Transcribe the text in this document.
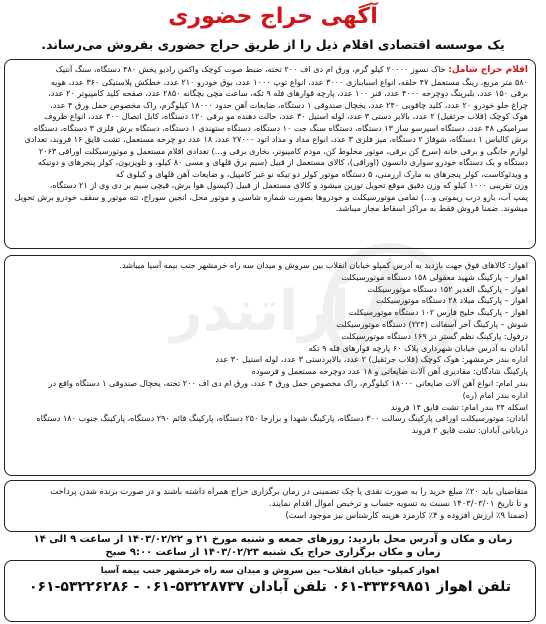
آراتندر
آگهی حراج حضوری
یک موسسه اقتصادی اقلام ذیل را از طریق حراج حضوری بفروش می‌رساند.
اقلام حراج شامل: خاک نسوز ۲۰۰۰۰ کیلو گرم، ورق ام دی اف ۲۰۰ تخته، ضبط صوت کوچک واکمن رادیو پخش ۴۸۰ دستگاه، سنگ آنتیک
۵۸۰ متر مربع، رینگ مستعمل ۴۷ حلقه، انواع اسباببازی ۳۰۰۰ عدد، انواع توپ ۱۰۰۰ عدد، بوق خودرو ۲۱۰ عدد، خطکش پلاستیکی ۳۶۰ عدد، هویه
برقی ۱۵۰ عدد، بلبرینگ دوچرخه ۴۰۰۰ عدد، قنر ۱۰۰ عدد، پارچه قوارهای فله ۹ تکه، ساعت مچی بچگانه ۲۸۵۰ عدد، صفحه کلید کامپیوتر ۲۰ عدد،
چراغ جلو خودرو ۲۰ عدد، کلید چاقویی ۲۴۰ عدد، یخچال صندوقی ۱ دستگاه، ضایعات آهن حدود ۱۸۰۰۰ کیلوگرم، راک مخصوص حمل ورق ۴ عدد،
هوک کوچک (قلاب جرثقیل) ۲ عدد، بالابر دستی ۳ عدد، لوله استیل ۳۰ عدد، حالت دهنده مو برقی ۱۲۰ دستگاه، کابل اتصال ۴۰۰ عدد، انواع ظروف
سرامیکی ۴۸ عدد، دستگاه اسپرسو ساز ۱۳ دستگاه، دستگاه سنگ جت ۱۰ دستگاه، دستگاه ستهندی ۱ دستگاه، دستگاه برش فلزی ۳ دستگاه، دستگاه
برش کالباس ۱ دستگاه، شوفاژ ۲ دستگاه، میز فلزی ۳ عدد، انواع مداد و مداد اتود ۲۷۰۰۰ عدد، ۱۸ عدد دو چرخه مستعمل، تشت قایق ۱۶ فروند، تعدادی
لوازم خانگی و برقی خانه (سرخ کن برقی، موتور مخلوط کن، مودم کامپیوتر، بخاری برقی و…) تعدادی اقلام مستعمل و موتورسیکلت اوراقی ۲۰۶۳
دستگاه و یک دستگاه خودرو سواری دانسون (اوراقی)، کالای مستعمل از قبیل (سیم برق قلهای و مسی ۸۰ کیلو، و تلویزیون، کولر پنجرهای و دوتیکه
و ویدئوکاست، کولر پنجرهای به مارک ارزمنی، ۵ دستگاه موتور کولر دو تیکه نو غیر کامپیل، و ضایعات آهن قلهای و کیلوی که
وزن تقریبی ۱۰۰۰ کیلو که وزن دقیق موقع تحویل توزین میشود و کالای مستعمل از قبیل (کپسول هوا برش، قیچی سیم بر دی وی از ۲۱ دستگاه،
پمپ آب، بازو درب ریموتی و…) تمامی موتورسیکلت و خودروها بصورت شماره شاسی و موتور محل، انجین سوراج، تته موتور و سقف خودرو برش تحویل
میشوند. ضمنا فروش فقط به مراکز اسقاط مجاز میباشد.
اهواز: کالاهای فوق جهت بازدید به آدرس کمپلو خیابان انقلاب بین سروش و میدان سه راه خرمشهر جنب بیمه آسیا میباشد.
اهواز – پارکینگ شهید معقولی ۱۵۸ دستگاه موتورسیکلت
اهواز – پارکینگ الغدیر ۱۵۲ دستگاه موتورسیکلت
اهواز – پارکینگ میلاد ۲۸ دستگاه موتورسیکلت
اهواز – پارکینگ خلیج فارس ۱۰۲ دستگاه موتورسیکلت
شوش – پارکینگ آخر آسفالت (۲۲۴) دستگاه موتورسیکلت
دزفول: پارکینگ نظم گستر دز ۱۶۹ دستگاه موتورسیکلت
آبادان به آدرس خیابان شهرداری پلاک ۶۰ پارچه قوارهای فله ۹ تکه
اداره بندر خرمشهر: هوک کوچک (قلاب جرثقیل) ۲ عدد، بالابردستی ۳ عدد، لوله استیل ۳۰ عدد
پارکینگ شادگان: مقادیری آهن آلات ضایعاتی و ۱۸ عدد دوچرخه مستعمل و فرسوده
بندر امام: انواع آهن آلات ضایعاتی ۱۸۰۰۰ کیلوگرم، راک مخصوص حمل ورق ۴ عدد، ورق ام دی اف ۲۰۰ تخته، یخچال صندوقی ۱ دستگاه واقع در
اداره بندر امام (ره)
اسکله ۲۴ بندر امام: تشت قایق ۱۴ فروند
آبادان: موتورسیکلت اوراقی پارکینگ رسالت ۳۰۰ دستگاه، پارکینگ شهدا و برازجا ۲۵۰ دستگاه، پارکینگ قائم ۲۹۰ دستگاه، پارکینگ جنوب ۱۸۰ دستگاه
دریابانی آبادان: تشت قایق ۲ فروند
متقاضیان باید ۲۰٪ مبلغ خرید را به صورت نقدی یا چک تضمینی در زمان برگزاری حراج همراه داشته باشند و در صورت برنده شدن پرداخت
و تا تاریخ ۱۴۰۳/۰۳/۰۱ نسبت به تسویه حساب و ترخیص اموال اقدام نمایند.
(ضمنا ۹٪ ارزش افزوده و ۴٪ کارمزد هزینه کارشناس نیز موجود است)
زمان و مکان و آدرس محل بازدید: روزهای جمعه و شنبه مورخ ۲۱ و ۱۴۰۳/۰۲/۲۲ از ساعت ۹ الی ۱۴
زمان و مکان برگزاری حراج یک شنبه ۱۴۰۳/۰۲/۲۳ از ساعت ۹:۰۰ صبح
اهواز کمپلو- خیابان انقلاب- بین سروش و میدان سه راه خرمشهر جنب بیمه آسیا
تلفن اهواز ۳۳۳۶۹۸۵۱-۰۶۱ تلفن آبادان ۵۳۲۲۸۷۳۷-۰۶۱ - ۵۳۲۲۶۲۸۶-۰۶۱
